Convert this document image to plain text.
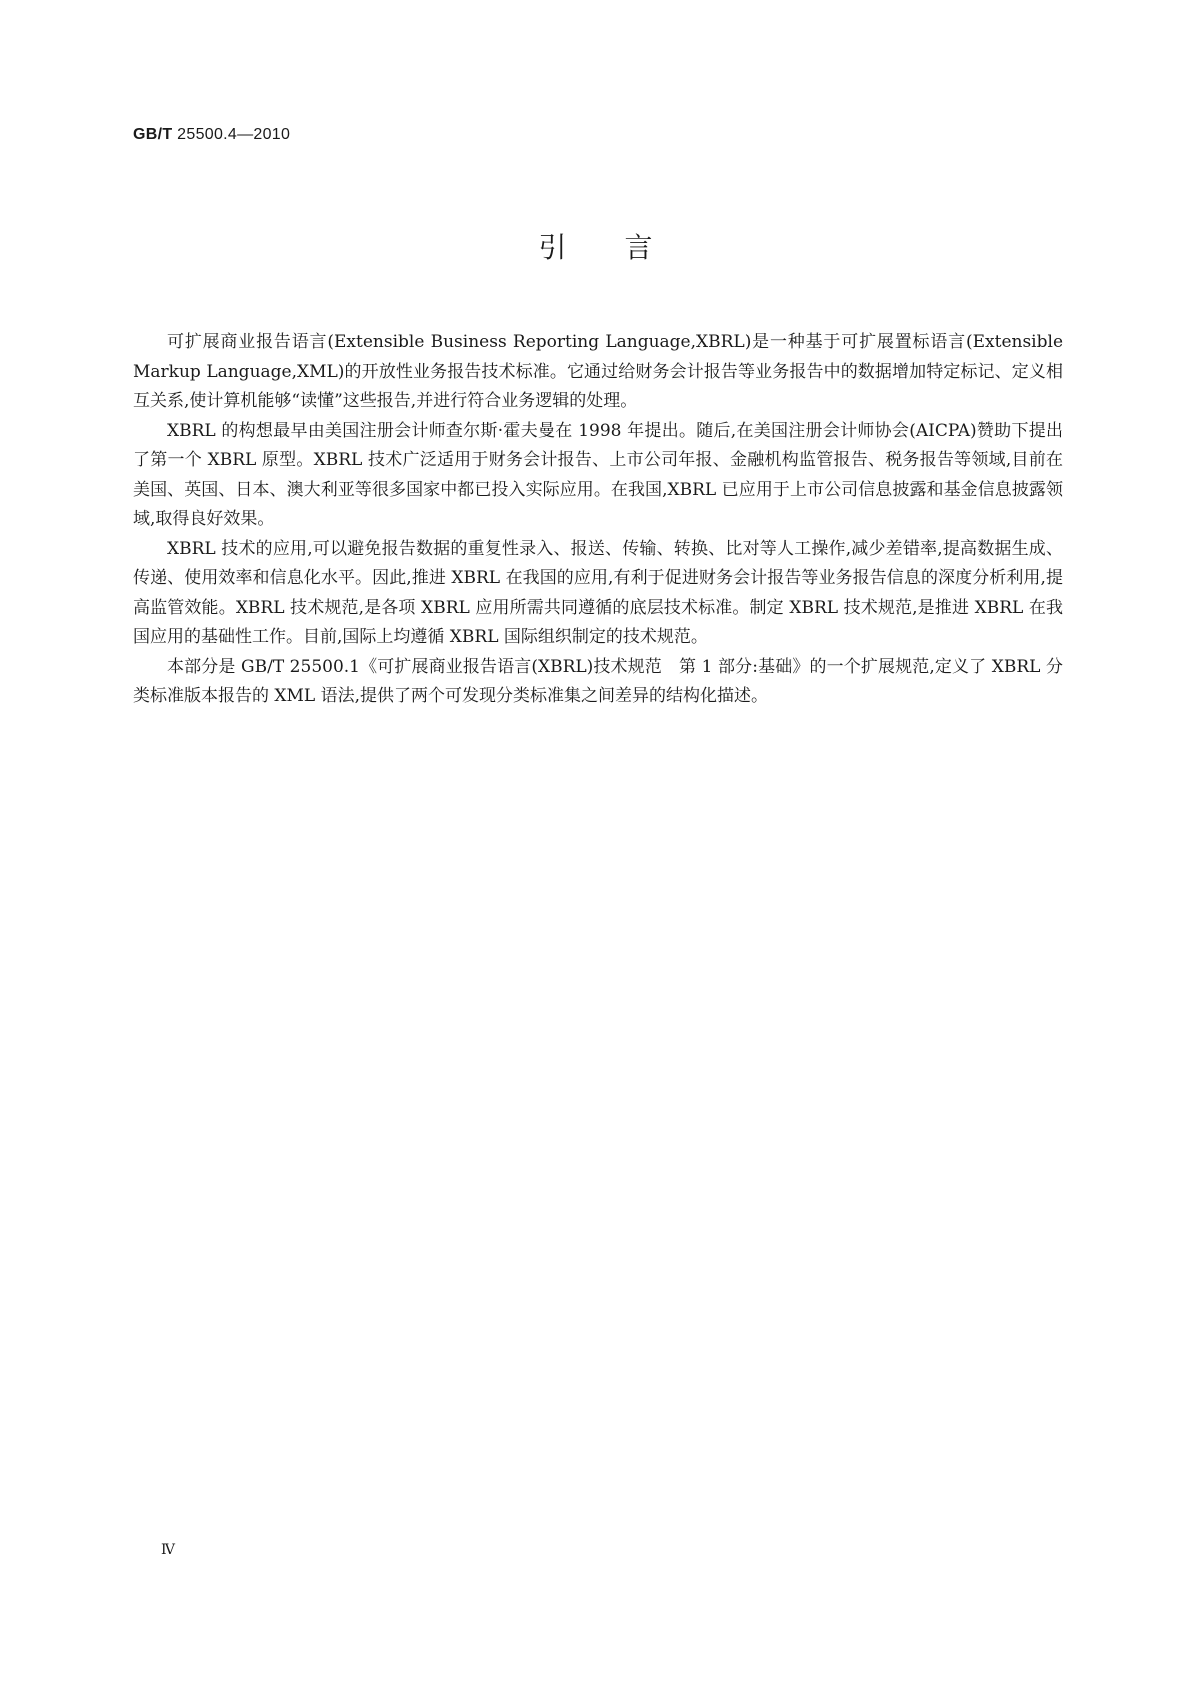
GB/T 25500.4—2010
引言

可扩展商业报告语言(Extensible Business Reporting Language,XBRL)是一种基于可扩展置标语言(Extensible Markup Language,XML)的开放性业务报告技术标准。它通过给财务会计报告等业务报告中的数据增加特定标记、定义相互关系,使计算机能够“读懂”这些报告,并进行符合业务逻辑的处理。

XBRL 的构想最早由美国注册会计师查尔斯·霍夫曼在 1998 年提出。随后,在美国注册会计师协会(AICPA)赞助下提出了第一个 XBRL 原型。XBRL 技术广泛适用于财务会计报告、上市公司年报、金融机构监管报告、税务报告等领域,目前在美国、英国、日本、澳大利亚等很多国家中都已投入实际应用。在我国,XBRL 已应用于上市公司信息披露和基金信息披露领域,取得良好效果。

XBRL 技术的应用,可以避免报告数据的重复性录入、报送、传输、转换、比对等人工操作,减少差错率,提高数据生成、传递、使用效率和信息化水平。因此,推进 XBRL 在我国的应用,有利于促进财务会计报告等业务报告信息的深度分析利用,提高监管效能。XBRL 技术规范,是各项 XBRL 应用所需共同遵循的底层技术标准。制定 XBRL 技术规范,是推进 XBRL 在我国应用的基础性工作。目前,国际上均遵循 XBRL 国际组织制定的技术规范。

本部分是 GB/T 25500.1《可扩展商业报告语言(XBRL)技术规范　第 1 部分:基础》的一个扩展规范,定义了 XBRL 分类标准版本报告的 XML 语法,提供了两个可发现分类标准集之间差异的结构化描述。

Ⅳ
